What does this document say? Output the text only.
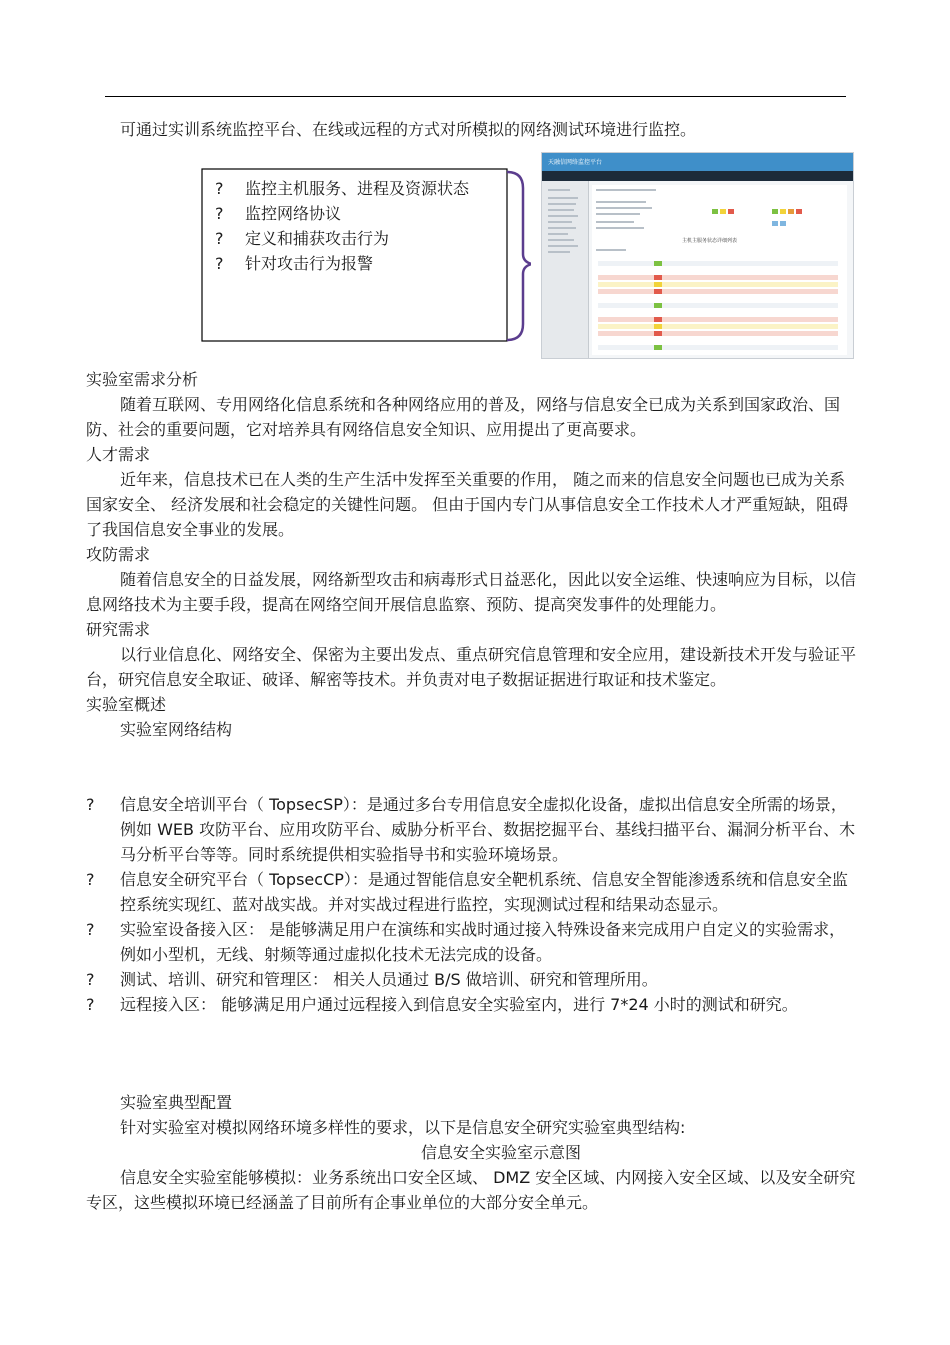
可通过实训系统监控平台、在线或远程的方式对所模拟的网络测试环境进行监控。
?	监控主机服务、进程及资源状态
?	监控网络协议
?	定义和捕获攻击行为
?	针对攻击行为报警
天融信网络监控平台
主机主服务状态详细列表

实验室需求分析

随着互联网、专用网络化信息系统和各种网络应用的普及，网络与信息安全已成为关系到国家政治、国防、社会的重要问题，它对培养具有网络信息安全知识、应用提出了更高要求。

人才需求

近年来，信息技术已在人类的生产生活中发挥至关重要的作用， 随之而来的信息安全问题也已成为关系国家安全、 经济发展和社会稳定的关键性问题。 但由于国内专门从事信息安全工作技术人才严重短缺，阻碍了我国信息安全事业的发展。

攻防需求

随着信息安全的日益发展，网络新型攻击和病毒形式日益恶化，因此以安全运维、快速响应为目标，以信息网络技术为主要手段，提高在网络空间开展信息监察、预防、提高突发事件的处理能力。

研究需求

以行业信息化、网络安全、保密为主要出发点、重点研究信息管理和安全应用，建设新技术开发与验证平台，研究信息安全取证、破译、解密等技术。并负责对电子数据证据进行取证和技术鉴定。

实验室概述

实验室网络结构

?	信息安全培训平台（ TopsecSP）：是通过多台专用信息安全虚拟化设备，虚拟出信息安全所需的场景，例如 WEB 攻防平台、应用攻防平台、威胁分析平台、数据挖掘平台、基线扫描平台、漏洞分析平台、木马分析平台等等。同时系统提供相实验指导书和实验环境场景。
?	信息安全研究平台（ TopsecCP）：是通过智能信息安全靶机系统、信息安全智能渗透系统和信息安全监控系统实现红、蓝对战实战。并对实战过程进行监控，实现测试过程和结果动态显示。
?	实验室设备接入区： 是能够满足用户在演练和实战时通过接入特殊设备来完成用户自定义的实验需求，例如小型机，无线、射频等通过虚拟化技术无法完成的设备。
?	测试、培训、研究和管理区： 相关人员通过 B/S 做培训、研究和管理所用。
?	远程接入区： 能够满足用户通过远程接入到信息安全实验室内，进行 7*24 小时的测试和研究。

实验室典型配置

针对实验室对模拟网络环境多样性的要求，以下是信息安全研究实验室典型结构:

信息安全实验室示意图

信息安全实验室能够模拟：业务系统出口安全区域、 DMZ 安全区域、内网接入安全区域、以及安全研究专区，这些模拟环境已经涵盖了目前所有企事业单位的大部分安全单元。
